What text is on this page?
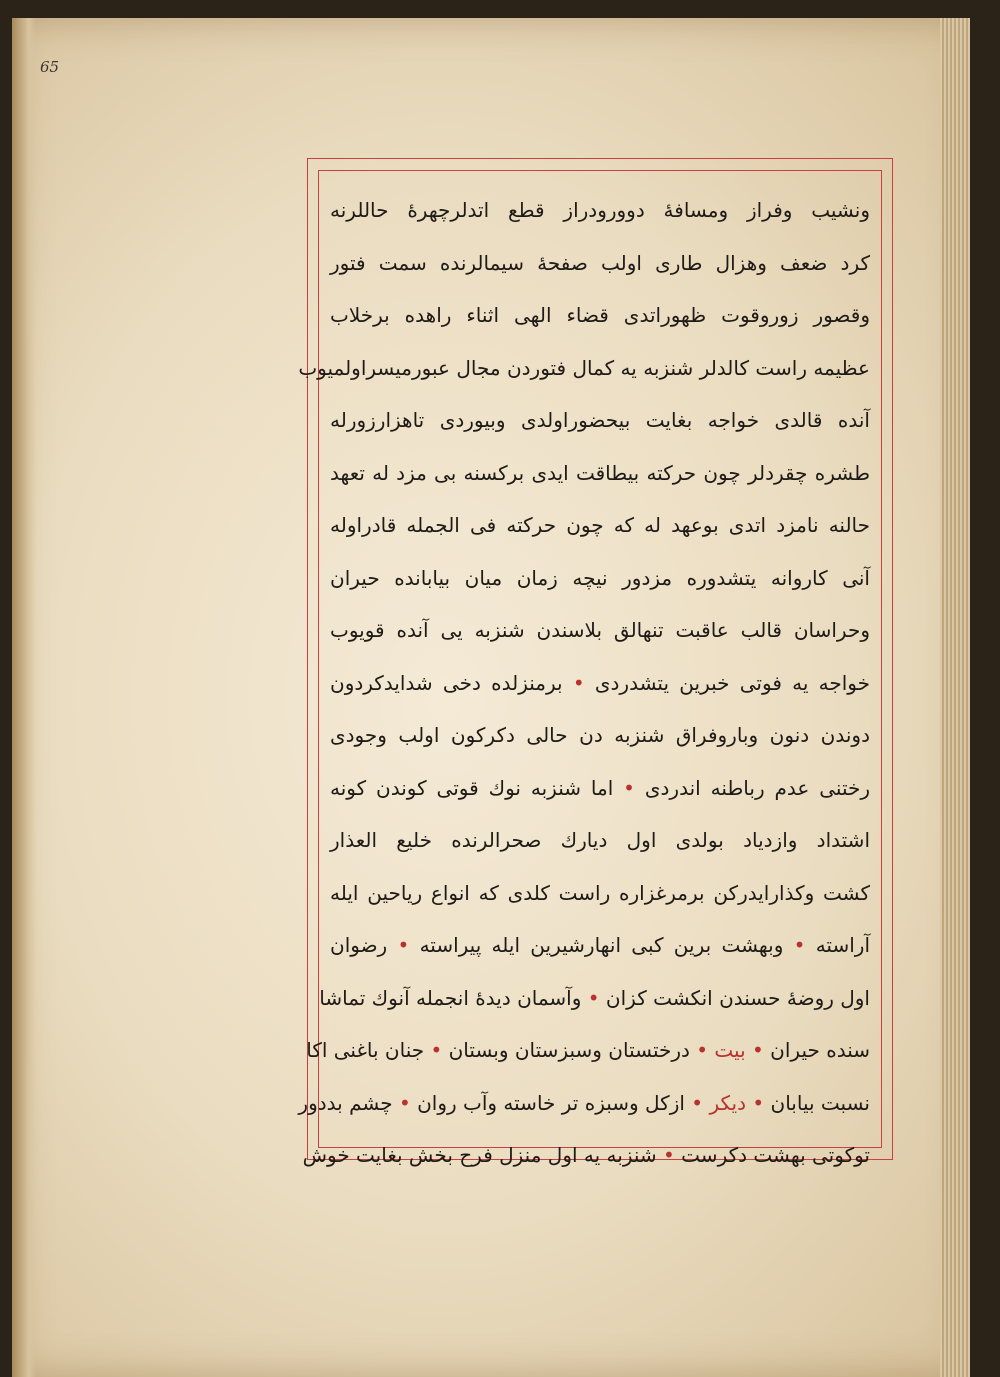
65
ونشيب وفراز ومسافهٔ دوورودراز قطع اتدلرچهرهٔ حاللرنه
كرد ضعف وهزال طاری اولب صفحهٔ سیمالرنده سمت فتور
وقصور زوروقوت ظهوراتدی قضاء الهی اثناء راهده برخلاب
عظیمه راست كالدلر شنزبه یه كمال فتوردن مجال عبورمیسراولمیوب
آنده قالدی خواجه بغایت بیحضوراولدی وبیوردی تاهزارزورله
طشره چقردلر چون حركته بیطاقت ایدی بركسنه بی مزد له تعهد
حالنه نامزد اتدی بوعهد له كه چون حركته فی الجمله قادراوله
آنی كاروانه یتشدوره مزدور نیچه زمان میان بیابانده حیران
وحراسان قالب عاقبت تنهالق بلاسندن شنزبه یی آنده قویوب
خواجه یه فوتی خبرین یتشدردی • برمنزلده دخی شدایدكردون
دوندن دنون وباروفراق شنزبه دن حالی دكركون اولب وجودی
رختنی عدم رباطنه اندردی • اما شنزبه نوك قوتی كوندن كونه
اشتداد وازدیاد بولدی اول دیارك صحرالرنده خلیع العذار
كشت وكذارایدركن برمرغزاره راست كلدی كه انواع ریاحین ایله
آراسته • وبهشت برین كبی انهارشیرین ایله پیراسته • رضوان
اول روضهٔ حسندن انكشت كزان • وآسمان دیدهٔ انجمله آنوك تماشا
سنده حیران • بیت • درختستان وسبزستان وبستان • جنان باغنی اكا
نسبت بیابان • دیكر • ازكل وسبزه تر خاسته وآب روان • چشم بددور
توكوتی بهشت دكرست • شنزبه یه اول منزل فرح بخش بغایت خوش
